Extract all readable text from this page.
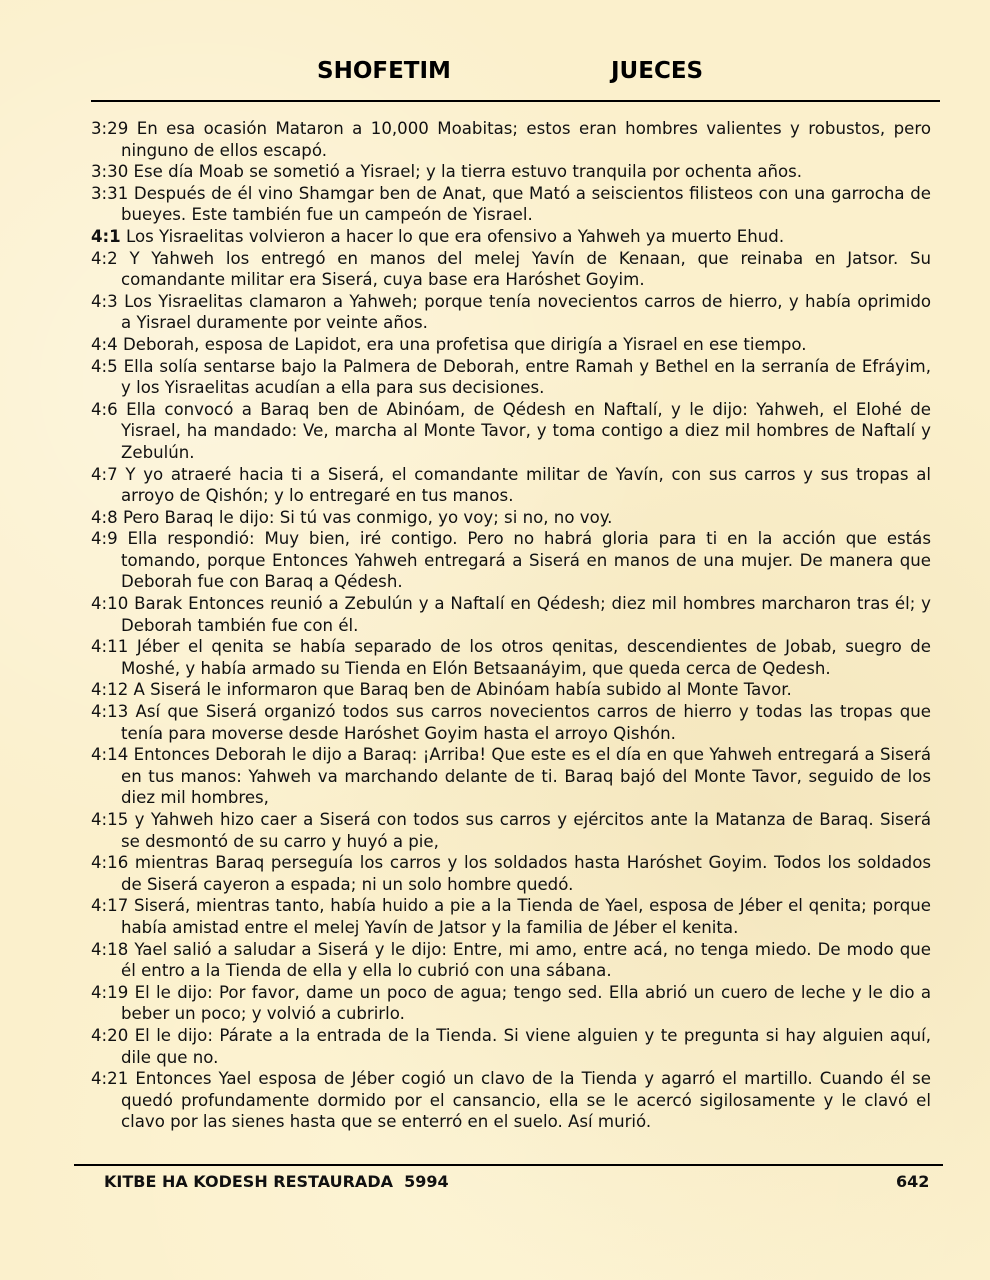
SHOFETIM	JUECES

3:29 En esa ocasión Mataron a 10,000 Moabitas; estos eran hombres valientes y robustos, pero ninguno de ellos escapó.

3:30 Ese día Moab se sometió a Yisrael; y la tierra estuvo tranquila por ochenta años.

3:31 Después de él vino Shamgar ben de Anat, que Mató a seiscientos filisteos con una garrocha de bueyes. Este también fue un campeón de Yisrael.

4:1 Los Yisraelitas volvieron a hacer lo que era ofensivo a Yahweh ya muerto Ehud.

4:2 Y Yahweh los entregó en manos del melej Yavín de Kenaan, que reinaba en Jatsor. Su comandante militar era Siserá, cuya base era Haróshet Goyim.

4:3 Los Yisraelitas clamaron a Yahweh; porque tenía novecientos carros de hierro, y había oprimido a Yisrael duramente por veinte años.

4:4 Deborah, esposa de Lapidot, era una profetisa que dirigía a Yisrael en ese tiempo.

4:5 Ella solía sentarse bajo la Palmera de Deborah, entre Ramah y Bethel en la serranía de Efráyim, y los Yisraelitas acudían a ella para sus decisiones.

4:6 Ella convocó a Baraq ben de Abinóam, de Qédesh en Naftalí, y le dijo: Yahweh, el Elohé de Yisrael, ha mandado: Ve, marcha al Monte Tavor, y toma contigo a diez mil hombres de Naftalí y Zebulún.

4:7 Y yo atraeré hacia ti a Siserá, el comandante militar de Yavín, con sus carros y sus tropas al arroyo de Qishón; y lo entregaré en tus manos.

4:8 Pero Baraq le dijo: Si tú vas conmigo, yo voy; si no, no voy.

4:9 Ella respondió: Muy bien, iré contigo. Pero no habrá gloria para ti en la acción que estás tomando, porque Entonces Yahweh entregará a Siserá en manos de una mujer. De manera que Deborah fue con Baraq a Qédesh.

4:10 Barak Entonces reunió a Zebulún y a Naftalí en Qédesh; diez mil hombres marcharon tras él; y Deborah también fue con él.

4:11 Jéber el qenita se había separado de los otros qenitas, descendientes de Jobab, suegro de Moshé, y había armado su Tienda en Elón Betsaanáyim, que queda cerca de Qedesh.

4:12 A Siserá le informaron que Baraq ben de Abinóam había subido al Monte Tavor.

4:13 Así que Siserá organizó todos sus carros novecientos carros de hierro y todas las tropas que tenía para moverse desde Haróshet Goyim hasta el arroyo Qishón.

4:14 Entonces Deborah le dijo a Baraq: ¡Arriba! Que este es el día en que Yahweh entregará a Siserá en tus manos: Yahweh va marchando delante de ti. Baraq bajó del Monte Tavor, seguido de los diez mil hombres,

4:15 y Yahweh hizo caer a Siserá con todos sus carros y ejércitos ante la Matanza de Baraq. Siserá se desmontó de su carro y huyó a pie,

4:16 mientras Baraq perseguía los carros y los soldados hasta Haróshet Goyim. Todos los soldados de Siserá cayeron a espada; ni un solo hombre quedó.

4:17 Siserá, mientras tanto, había huido a pie a la Tienda de Yael, esposa de Jéber el qenita; porque había amistad entre el melej Yavín de Jatsor y la familia de Jéber el kenita.

4:18 Yael salió a saludar a Siserá y le dijo: Entre, mi amo, entre acá, no tenga miedo. De modo que él entro a la Tienda de ella y ella lo cubrió con una sábana.

4:19 El le dijo: Por favor, dame un poco de agua; tengo sed. Ella abrió un cuero de leche y le dio a beber un poco; y volvió a cubrirlo.

4:20 El le dijo: Párate a la entrada de la Tienda. Si viene alguien y te pregunta si hay alguien aquí, dile que no.

4:21 Entonces Yael esposa de Jéber cogió un clavo de la Tienda y agarró el martillo. Cuando él se quedó profundamente dormido por el cansancio, ella se le acercó sigilosamente y le clavó el clavo por las sienes hasta que se enterró en el suelo. Así murió.

KITBE HA KODESH RESTAURADA  5994	642
